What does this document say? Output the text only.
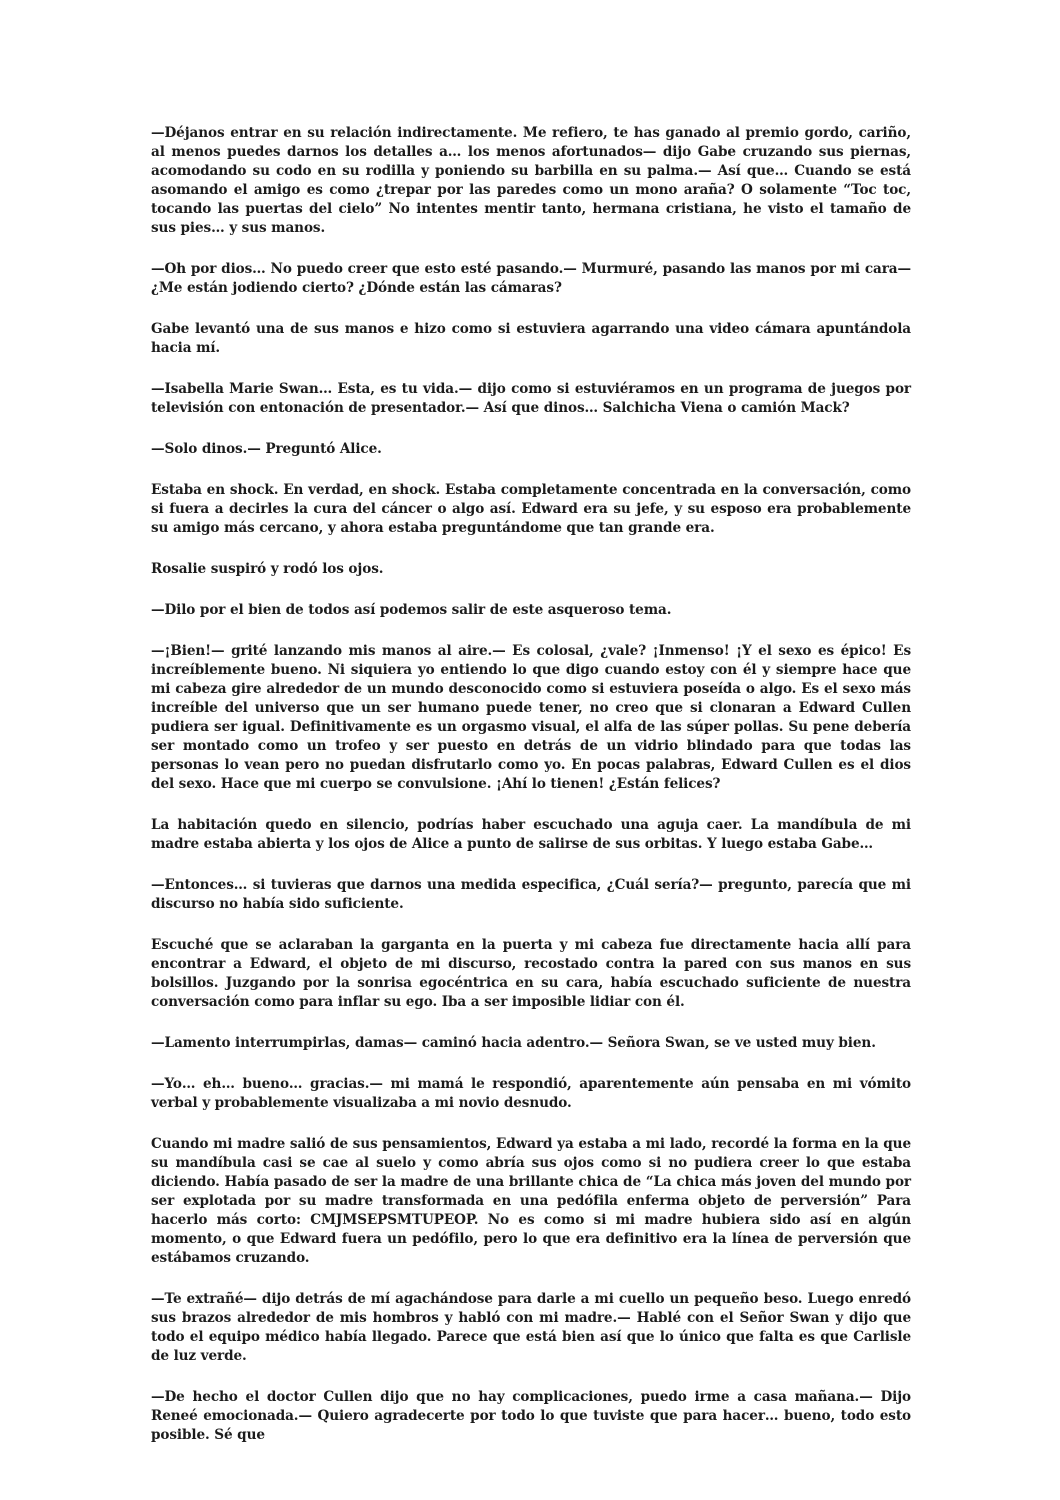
—Déjanos entrar en su relación indirectamente. Me refiero, te has ganado al premio gordo, cariño, al menos puedes darnos los detalles a… los menos afortunados— dijo Gabe cruzando sus piernas, acomodando su codo en su rodilla y poniendo su barbilla en su palma.— Así que… Cuando se está asomando el amigo es como ¿trepar por las paredes como un mono araña? O solamente “Toc toc, tocando las puertas del cielo” No intentes mentir tanto, hermana cristiana, he visto el tamaño de sus pies… y sus manos.

—Oh por dios… No puedo creer que esto esté pasando.— Murmuré, pasando las manos por mi cara— ¿Me están jodiendo cierto? ¿Dónde están las cámaras?

Gabe levantó una de sus manos e hizo como si estuviera agarrando una video cámara apuntándola hacia mí.

—Isabella Marie Swan… Esta, es tu vida.— dijo como si estuviéramos en un programa de juegos por televisión con entonación de presentador.— Así que dinos… Salchicha Viena o camión Mack?

—Solo dinos.— Preguntó Alice.

Estaba en shock. En verdad, en shock. Estaba completamente concentrada en la conversación, como si fuera a decirles la cura del cáncer o algo así. Edward era su jefe, y su esposo era probablemente su amigo más cercano, y ahora estaba preguntándome que tan grande era.

Rosalie suspiró y rodó los ojos.

—Dilo por el bien de todos así podemos salir de este asqueroso tema.

—¡Bien!— grité lanzando mis manos al aire.— Es colosal, ¿vale? ¡Inmenso! ¡Y el sexo es épico! Es increíblemente bueno. Ni siquiera yo entiendo lo que digo cuando estoy con él y siempre hace que mi cabeza gire alrededor de un mundo desconocido como si estuviera poseída o algo. Es el sexo más increíble del universo que un ser humano puede tener, no creo que si clonaran a Edward Cullen pudiera ser igual. Definitivamente es un orgasmo visual, el alfa de las súper pollas. Su pene debería ser montado como un trofeo y ser puesto en detrás de un vidrio blindado para que todas las personas lo vean pero no puedan disfrutarlo como yo. En pocas palabras, Edward Cullen es el dios del sexo. Hace que mi cuerpo se convulsione. ¡Ahí lo tienen! ¿Están felices?

La habitación quedo en silencio, podrías haber escuchado una aguja caer. La mandíbula de mi madre estaba abierta y los ojos de Alice a punto de salirse de sus orbitas. Y luego estaba Gabe…

—Entonces… si tuvieras que darnos una medida especifica, ¿Cuál sería?— pregunto, parecía que mi discurso no había sido suficiente.

Escuché que se aclaraban la garganta en la puerta y mi cabeza fue directamente hacia allí para encontrar a Edward, el objeto de mi discurso, recostado contra la pared con sus manos en sus bolsillos. Juzgando por la sonrisa egocéntrica en su cara, había escuchado suficiente de nuestra conversación como para inflar su ego. Iba a ser imposible lidiar con él.

—Lamento interrumpirlas, damas— caminó hacia adentro.— Señora Swan, se ve usted muy bien.

—Yo… eh… bueno… gracias.— mi mamá le respondió, aparentemente aún pensaba en mi vómito verbal y probablemente visualizaba a mi novio desnudo.

Cuando mi madre salió de sus pensamientos, Edward ya estaba a mi lado, recordé la forma en la que su mandíbula casi se cae al suelo y como abría sus ojos como si no pudiera creer lo que estaba diciendo. Había pasado de ser la madre de una brillante chica de “La chica más joven del mundo por ser explotada por su madre transformada en una pedófila enferma objeto de perversión” Para hacerlo más corto: CMJMSEPSMTUPEOP. No es como si mi madre hubiera sido así en algún momento, o que Edward fuera un pedófilo, pero lo que era definitivo era la línea de perversión que estábamos cruzando.

—Te extrañé— dijo detrás de mí agachándose para darle a mi cuello un pequeño beso. Luego enredó sus brazos alrededor de mis hombros y habló con mi madre.— Hablé con el Señor Swan y dijo que todo el equipo médico había llegado. Parece que está bien así que lo único que falta es que Carlisle de luz verde.

—De hecho el doctor Cullen dijo que no hay complicaciones, puedo irme a casa mañana.— Dijo Reneé emocionada.— Quiero agradecerte por todo lo que tuviste que para hacer… bueno, todo esto posible. Sé que
